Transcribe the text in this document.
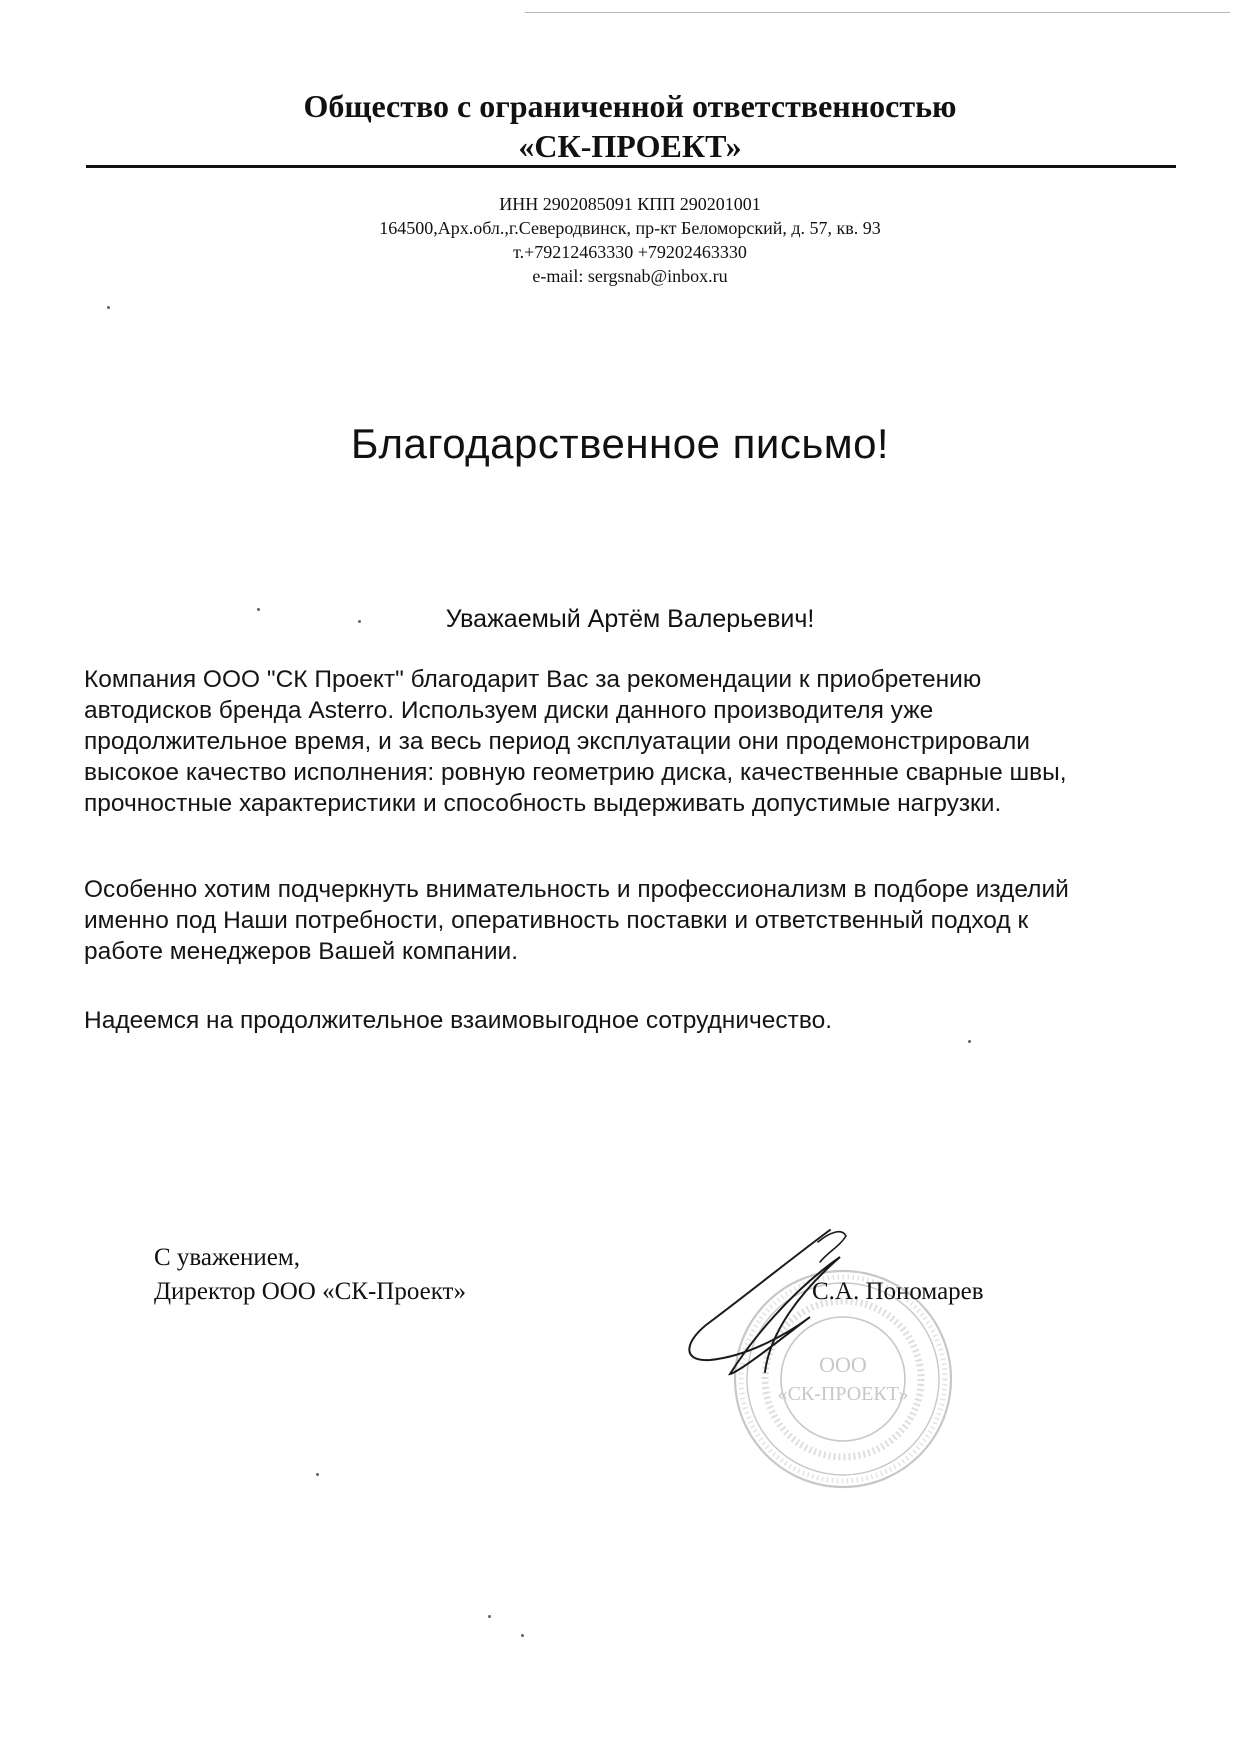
Общество с ограниченной ответственностью
«СК-ПРОЕКТ»
ИНН 2902085091 КПП 290201001
164500,Арх.обл.,г.Северодвинск, пр-кт Беломорский, д. 57, кв. 93
т.+79212463330 +79202463330
e-mail: sergsnab@inbox.ru
Благодарственное письмо!
Уважаемый Артём Валерьевич!
Компания ООО "СК Проект" благодарит Вас за рекомендации к приобретению
автодисков бренда Asterro. Используем диски данного производителя уже
продолжительное время, и за весь период эксплуатации они продемонстрировали
высокое качество исполнения: ровную геометрию диска, качественные сварные швы,
прочностные характеристики и способность выдерживать допустимые нагрузки.
Особенно хотим подчеркнуть внимательность и профессионализм в подборе изделий
именно под Наши потребности, оперативность поставки и ответственный подход к
работе менеджеров Вашей компании.
Надеемся на продолжительное взаимовыгодное сотрудничество.
С уважением,
Директор ООО «СК-Проект»
ООО
«СК-ПРОЕКТ»
С.А. Пономарев
